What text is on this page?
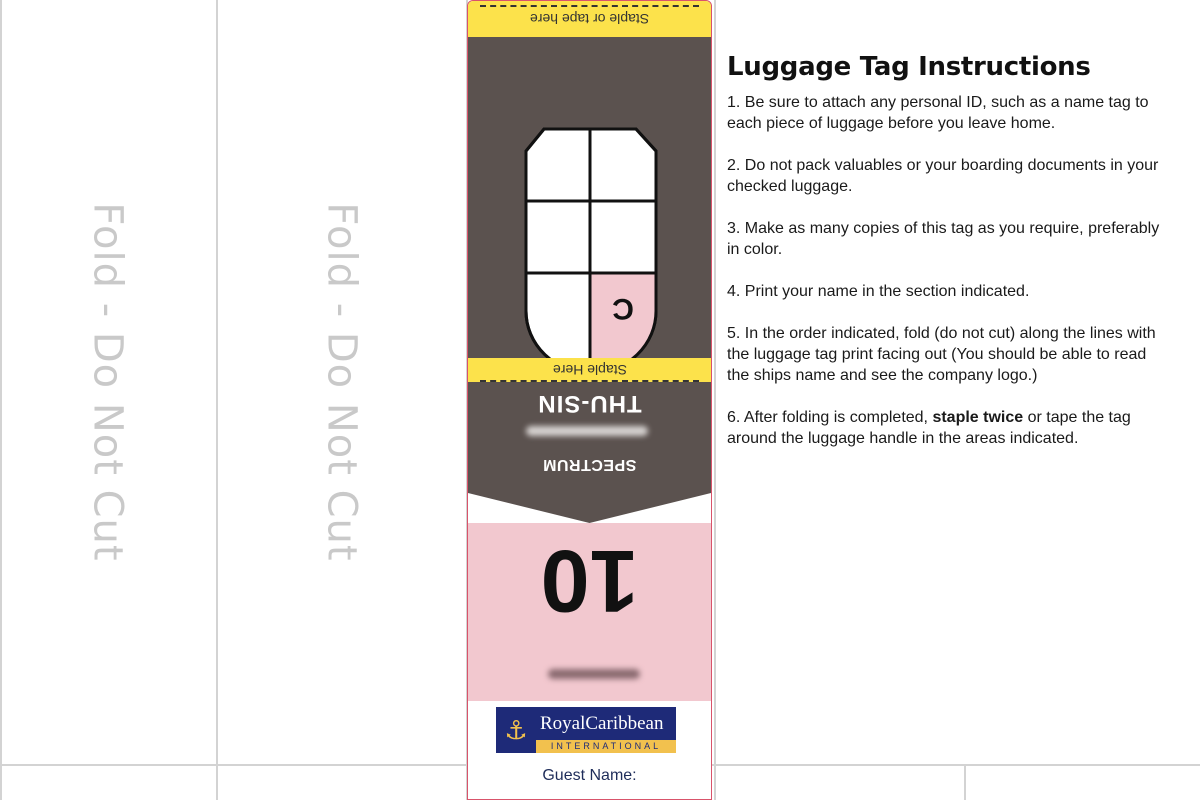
Fold - Do Not Cut	Fold - Do Not Cut
Staple or tape here
C
Staple Here
THU-SIN
SPECTRUM
10
⚓ RoyalCaribbean
INTERNATIONAL
Guest Name:
Luggage Tag Instructions

1. Be sure to attach any personal ID, such as a name tag to each piece of luggage before you leave home.

2. Do not pack valuables or your boarding documents in your checked luggage.

3. Make as many copies of this tag as you require, preferably in color.

4. Print your name in the section indicated.

5. In the order indicated, fold (do not cut) along the lines with the luggage tag print facing out (You should be able to read the ships name and see the company logo.)

6. After folding is completed, staple twice or tape the tag around the luggage handle in the areas indicated.
